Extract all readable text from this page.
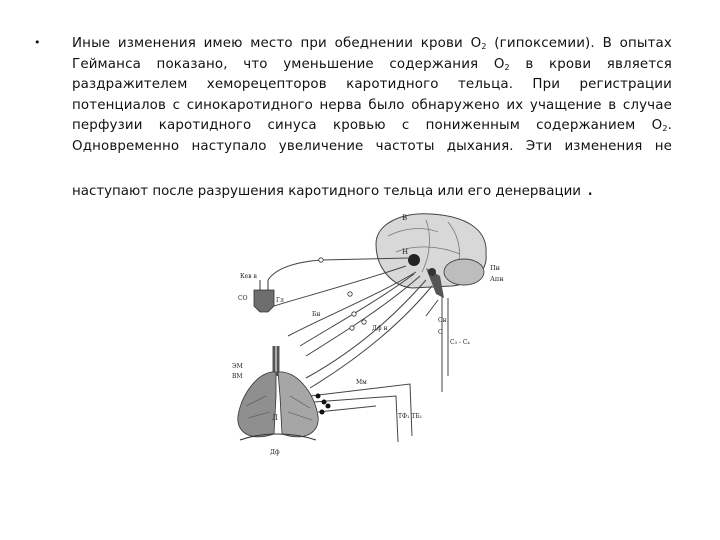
• Иные изменения имею место при обеднении крови $O_2$ (гипоксемии). В опытах
Гейманса показано, что уменьшение содержания $O_2$ в крови является
раздражителем хеморецепторов каротидного тельца. При регистрации
потенциалов с синокаротидного нерва было обнаружено их учащение в случае
перфузии каротидного синуса кровью с пониженным содержанием $O_2$.
Одновременно наступало увеличение частоты дыхания. Эти изменения не
наступают после разрушения каротидного тельца или его денервации .
В
Н
Пн
Апн
Кев в
CO	Гл
Бн
Дф н
Сн
С
С₃ - С₄
Мм
ТФ₁ ТБ₁
ЭМ
ВМ
Л
Дф
